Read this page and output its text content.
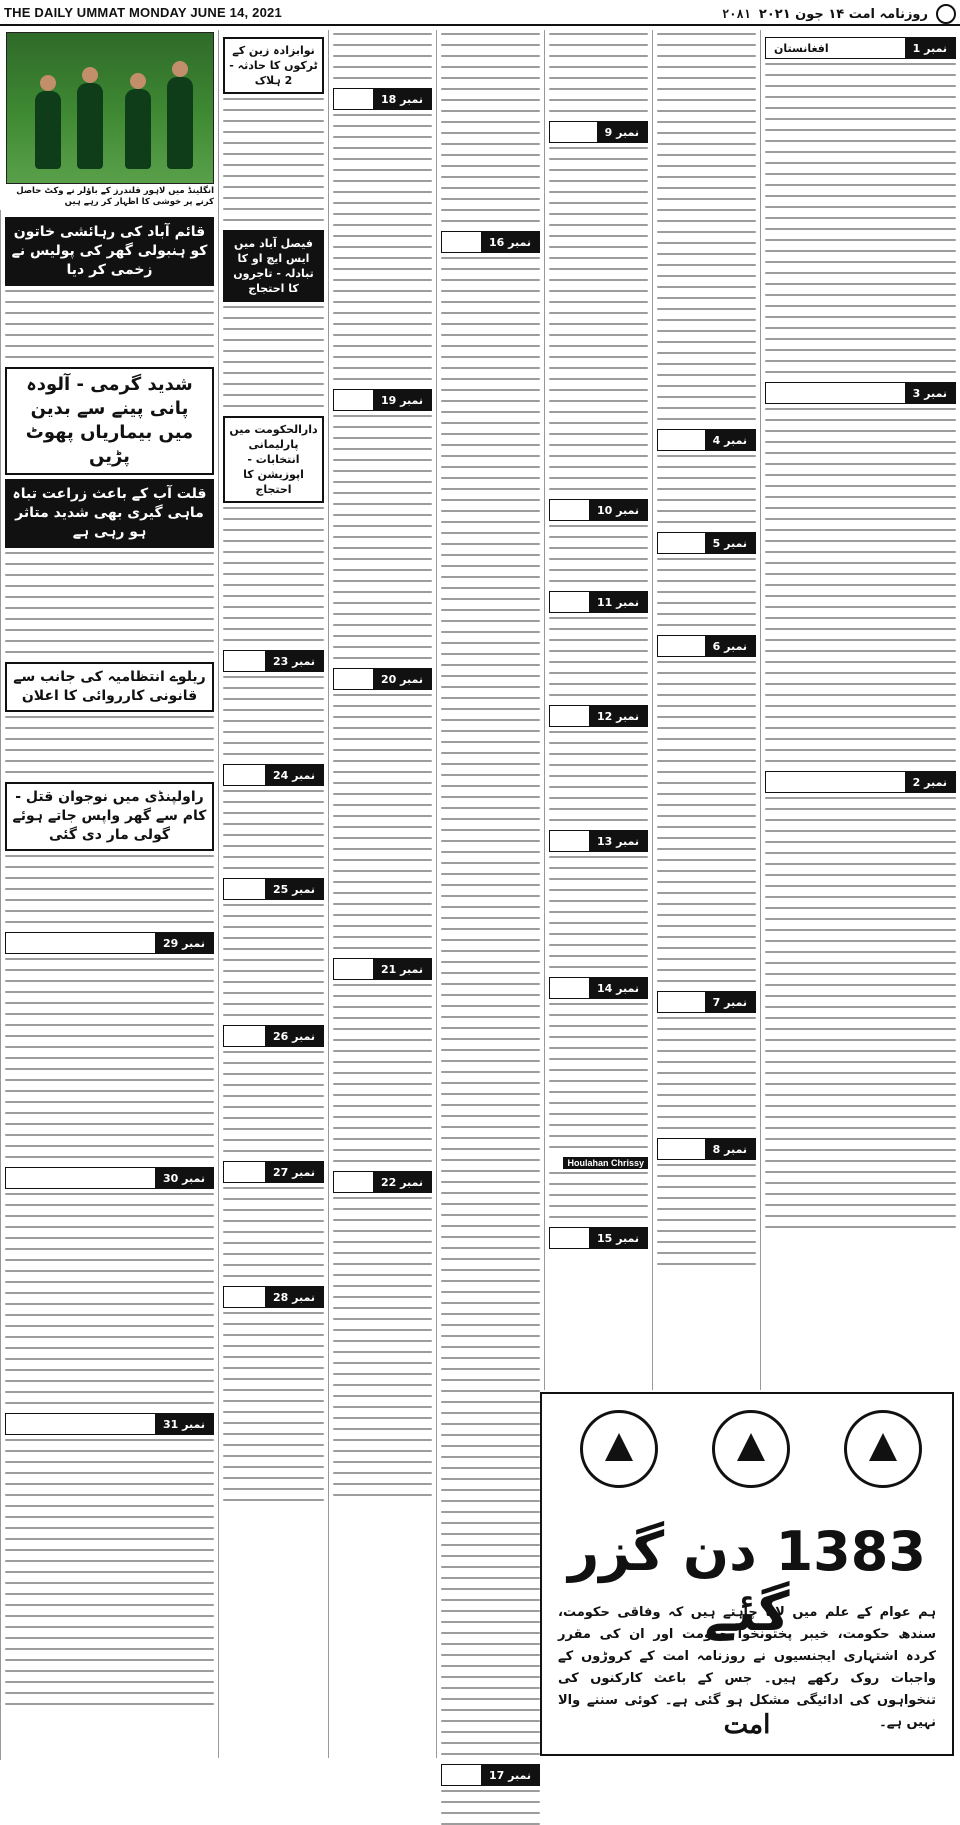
THE DAILY UMMAT MONDAY JUNE 14, 2021	روزنامہ امت ۱۴ جون ۲۰۲۱
۲۰۸۱
انگلینڈ میں لاہور قلندرز کے باؤلر نے وکٹ حاصل کرنے پر خوشی کا اظہار کر رہے ہیں
قائم آباد کی رہائشی خاتون کو ہنبولی گھر کی پولیس نے زخمی کر دیا
شدید گرمی - آلودہ پانی پینے سے بدین میں بیماریاں پھوٹ پڑیں
قلت آب کے باعث زراعت تباہ ماہی گیری بھی شدید متاثر ہو رہی ہے
ریلوے انتظامیہ کی جانب سے قانونی کارروائی کا اعلان
راولپنڈی میں نوجوان قتل - کام سے گھر واپس جاتے ہوئے گولی مار دی گئی
نمبر 29
نمبر 30
نمبر 31
نوابزادہ زین کے ٹرکوں کا حادثہ - 2 ہلاک
فیصل آباد میں ایس ایچ او کا تبادلہ - تاجروں کا احتجاج
دارالحکومت میں پارلیمانی انتخابات - اپوزیشن کا احتجاج
نمبر 23
نمبر 24
نمبر 25
نمبر 26
نمبر 27
نمبر 28
نمبر 18
نمبر 19
نمبر 20
نمبر 21
نمبر 22
نمبر 16
نمبر 17
نمبر 9
نمبر 10
نمبر 11
نمبر 12
نمبر 13
نمبر 14
Houlahan Chrissy
نمبر 15
نمبر 4
نمبر 5
نمبر 6
نمبر 7
نمبر 8
نمبر 1
افغانستان
نمبر 3
نمبر 2
1383 دن گزر گئے
ہم عوام کے علم میں لانا چاہتے ہیں کہ وفاقی حکومت، سندھ حکومت، خیبر پختونخوا حکومت اور ان کی مقرر کردہ اشتہاری ایجنسیوں نے روزنامہ امت کے کروڑوں کے واجبات روک رکھے ہیں۔ جس کے باعث کارکنوں کی تنخواہوں کی ادائیگی مشکل ہو گئی ہے۔ کوئی سننے والا نہیں ہے۔
امت
